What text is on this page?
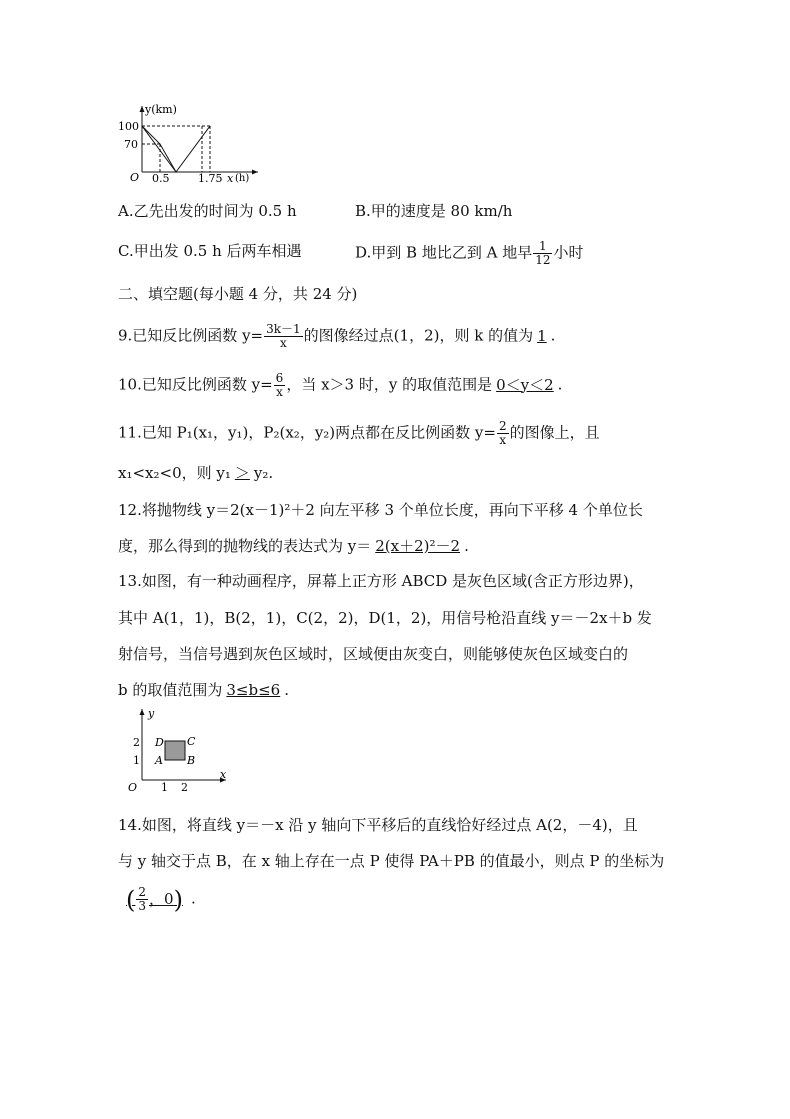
y(km)
100
70
O 0.5	1.75 x (h)
A.乙先出发的时间为 0.5 h	B.甲的速度是 80 km/h
C.甲出发 0.5 h 后两车相遇	D.甲到 B 地比乙到 A 地早 $\frac{1}{12}$ 小时
二、填空题(每小题 4 分，共 24 分)
9.已知反比例函数 $y= \frac{3k-1}{x}$ 的图像经过点(1，2)，则 k 的值为 1 .
10.已知反比例函数 $y= \frac{6}{x}$ ，当 x＞3 时，y 的取值范围是 0＜y＜2 .
11.已知 P₁(x₁，y₁)，P₂(x₂，y₂)两点都在反比例函数 $y= \frac{2}{x}$ 的图像上，且
x₁<x₂<0，则 y₁ ＞ y₂.
12.将抛物线 y＝2(x－1)²＋2 向左平移 3 个单位长度，再向下平移 4 个单位长
度，那么得到的抛物线的表达式为 y＝ 2(x＋2)²－2 .
13.如图，有一种动画程序，屏幕上正方形 ABCD 是灰色区域(含正方形边界)，
其中 A(1，1)，B(2，1)，C(2，2)，D(1，2)，用信号枪沿直线 y＝－2x＋b 发
射信号，当信号遇到灰色区域时，区域便由灰变白，则能够使灰色区域变白的
b 的取值范围为 3≤b≤6 .
y
x
O
2
1
1 2
D C
A B
14.如图，将直线 y＝－x 沿 y 轴向下平移后的直线恰好经过点 A(2，－4)，且
与 y 轴交于点 B，在 x 轴上存在一点 P 使得 PA＋PB 的值最小，则点 P 的坐标为
( $\frac{2}{3}$ ，0) .
